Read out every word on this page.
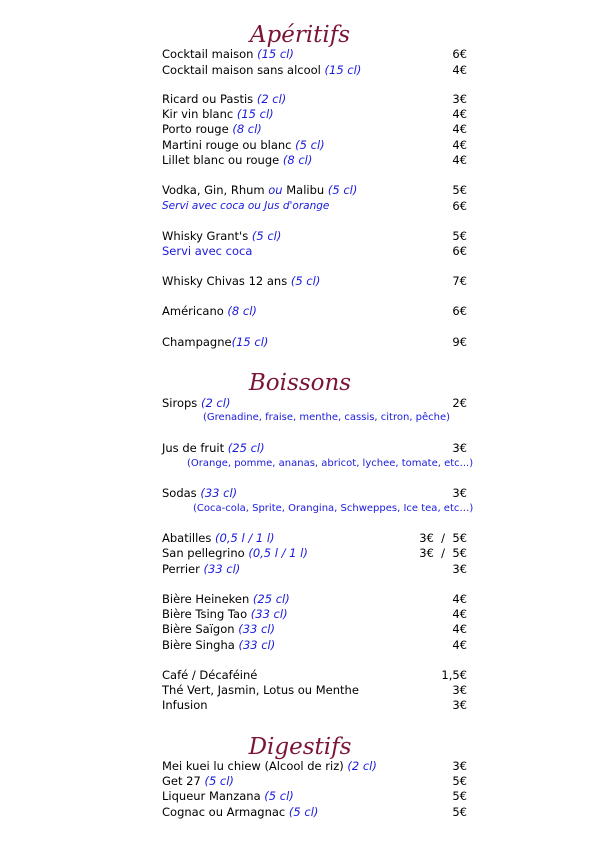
Apéritifs
Cocktail maison (15 cl)	6€
Cocktail maison sans alcool (15 cl)	4€
Ricard ou Pastis (2 cl)	3€
Kir vin blanc (15 cl)	4€
Porto rouge (8 cl)	4€
Martini rouge ou blanc (5 cl)	4€
Lillet blanc ou rouge (8 cl)	4€
Vodka, Gin, Rhum ou Malibu (5 cl)	5€
Servi avec coca ou Jus d'orange	6€
Whisky Grant's (5 cl)	5€
Servi avec coca	6€
Whisky Chivas 12 ans (5 cl)	7€
Américano (8 cl)	6€
Champagne(15 cl)	9€
Boissons
Sirops (2 cl)	2€
(Grenadine, fraise, menthe, cassis, citron, pêche)
Jus de fruit (25 cl)	3€
(Orange, pomme, ananas, abricot, lychee, tomate, etc...)
Sodas (33 cl)	3€
(Coca-cola, Sprite, Orangina, Schweppes, Ice tea, etc…)
Abatilles (0,5 l / 1 l)	3€  /  5€
San pellegrino (0,5 l / 1 l)	3€  /  5€
Perrier (33 cl)	3€
Bière Heineken (25 cl)	4€
Bière Tsing Tao (33 cl)	4€
Bière Saïgon (33 cl)	4€
Bière Singha (33 cl)	4€
Café / Décaféiné	1,5€
Thé Vert, Jasmin, Lotus ou Menthe	3€
Infusion	3€
Digestifs
Mei kuei lu chiew (Alcool de riz) (2 cl)	3€
Get 27 (5 cl)	5€
Liqueur Manzana (5 cl)	5€
Cognac ou Armagnac (5 cl)	5€
